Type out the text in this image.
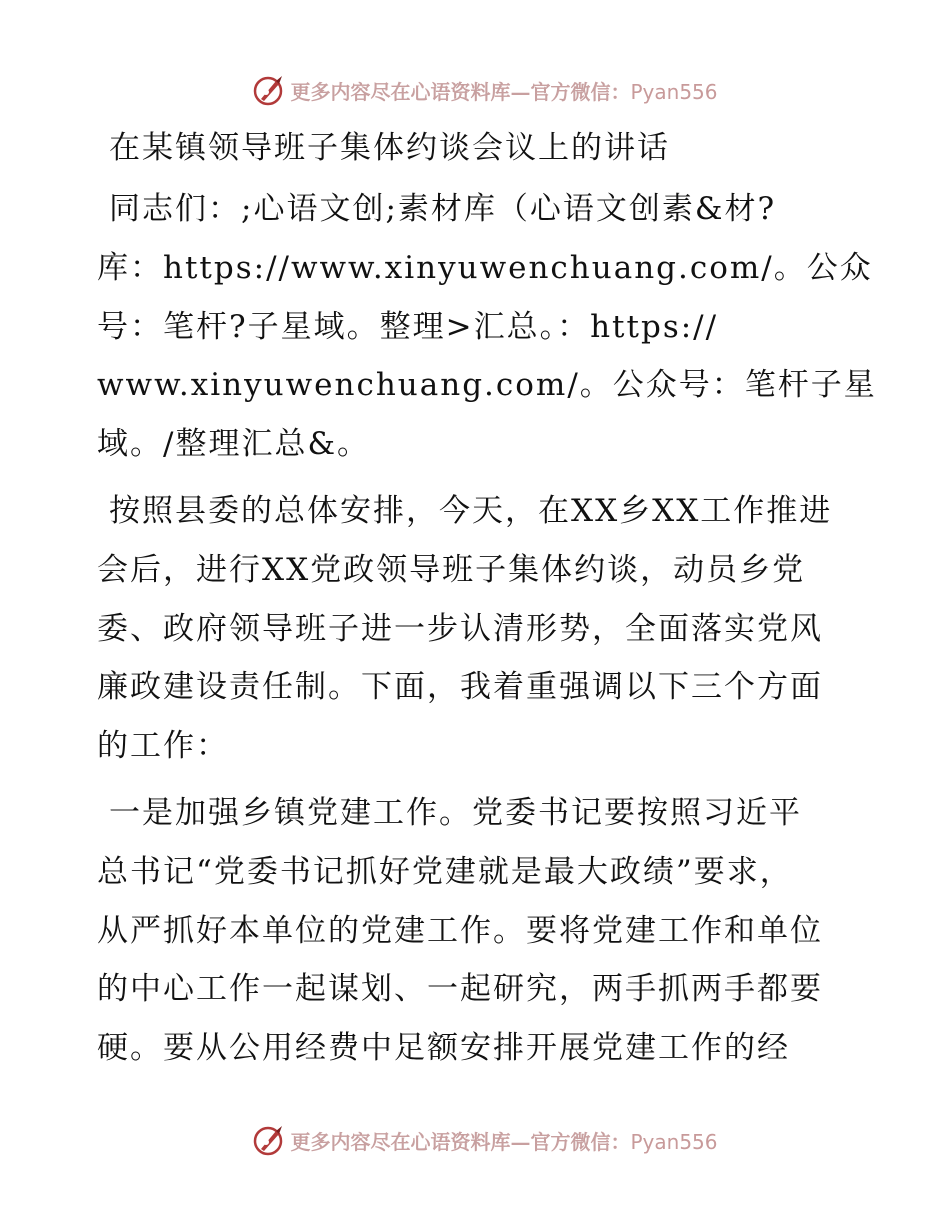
更多内容尽在心语资料库—官方微信：Pyan556
在某镇领导班子集体约谈会议上的讲话
同志们：;心语文创;素材库（心语文创素&材?
库：https://www.xinyuwenchuang.com/。公众
号：笔杆?子星域。整理>汇总。：https://
www.xinyuwenchuang.com/。公众号：笔杆子星
域。/整理汇总&。
按照县委的总体安排，今天，在XX乡XX工作推进
会后，进行XX党政领导班子集体约谈，动员乡党
委、政府领导班子进一步认清形势，全面落实党风
廉政建设责任制。下面，我着重强调以下三个方面
的工作：
一是加强乡镇党建工作。党委书记要按照习近平
总书记“党委书记抓好党建就是最大政绩”要求，
从严抓好本单位的党建工作。要将党建工作和单位
的中心工作一起谋划、一起研究，两手抓两手都要
硬。要从公用经费中足额安排开展党建工作的经
更多内容尽在心语资料库—官方微信：Pyan556
